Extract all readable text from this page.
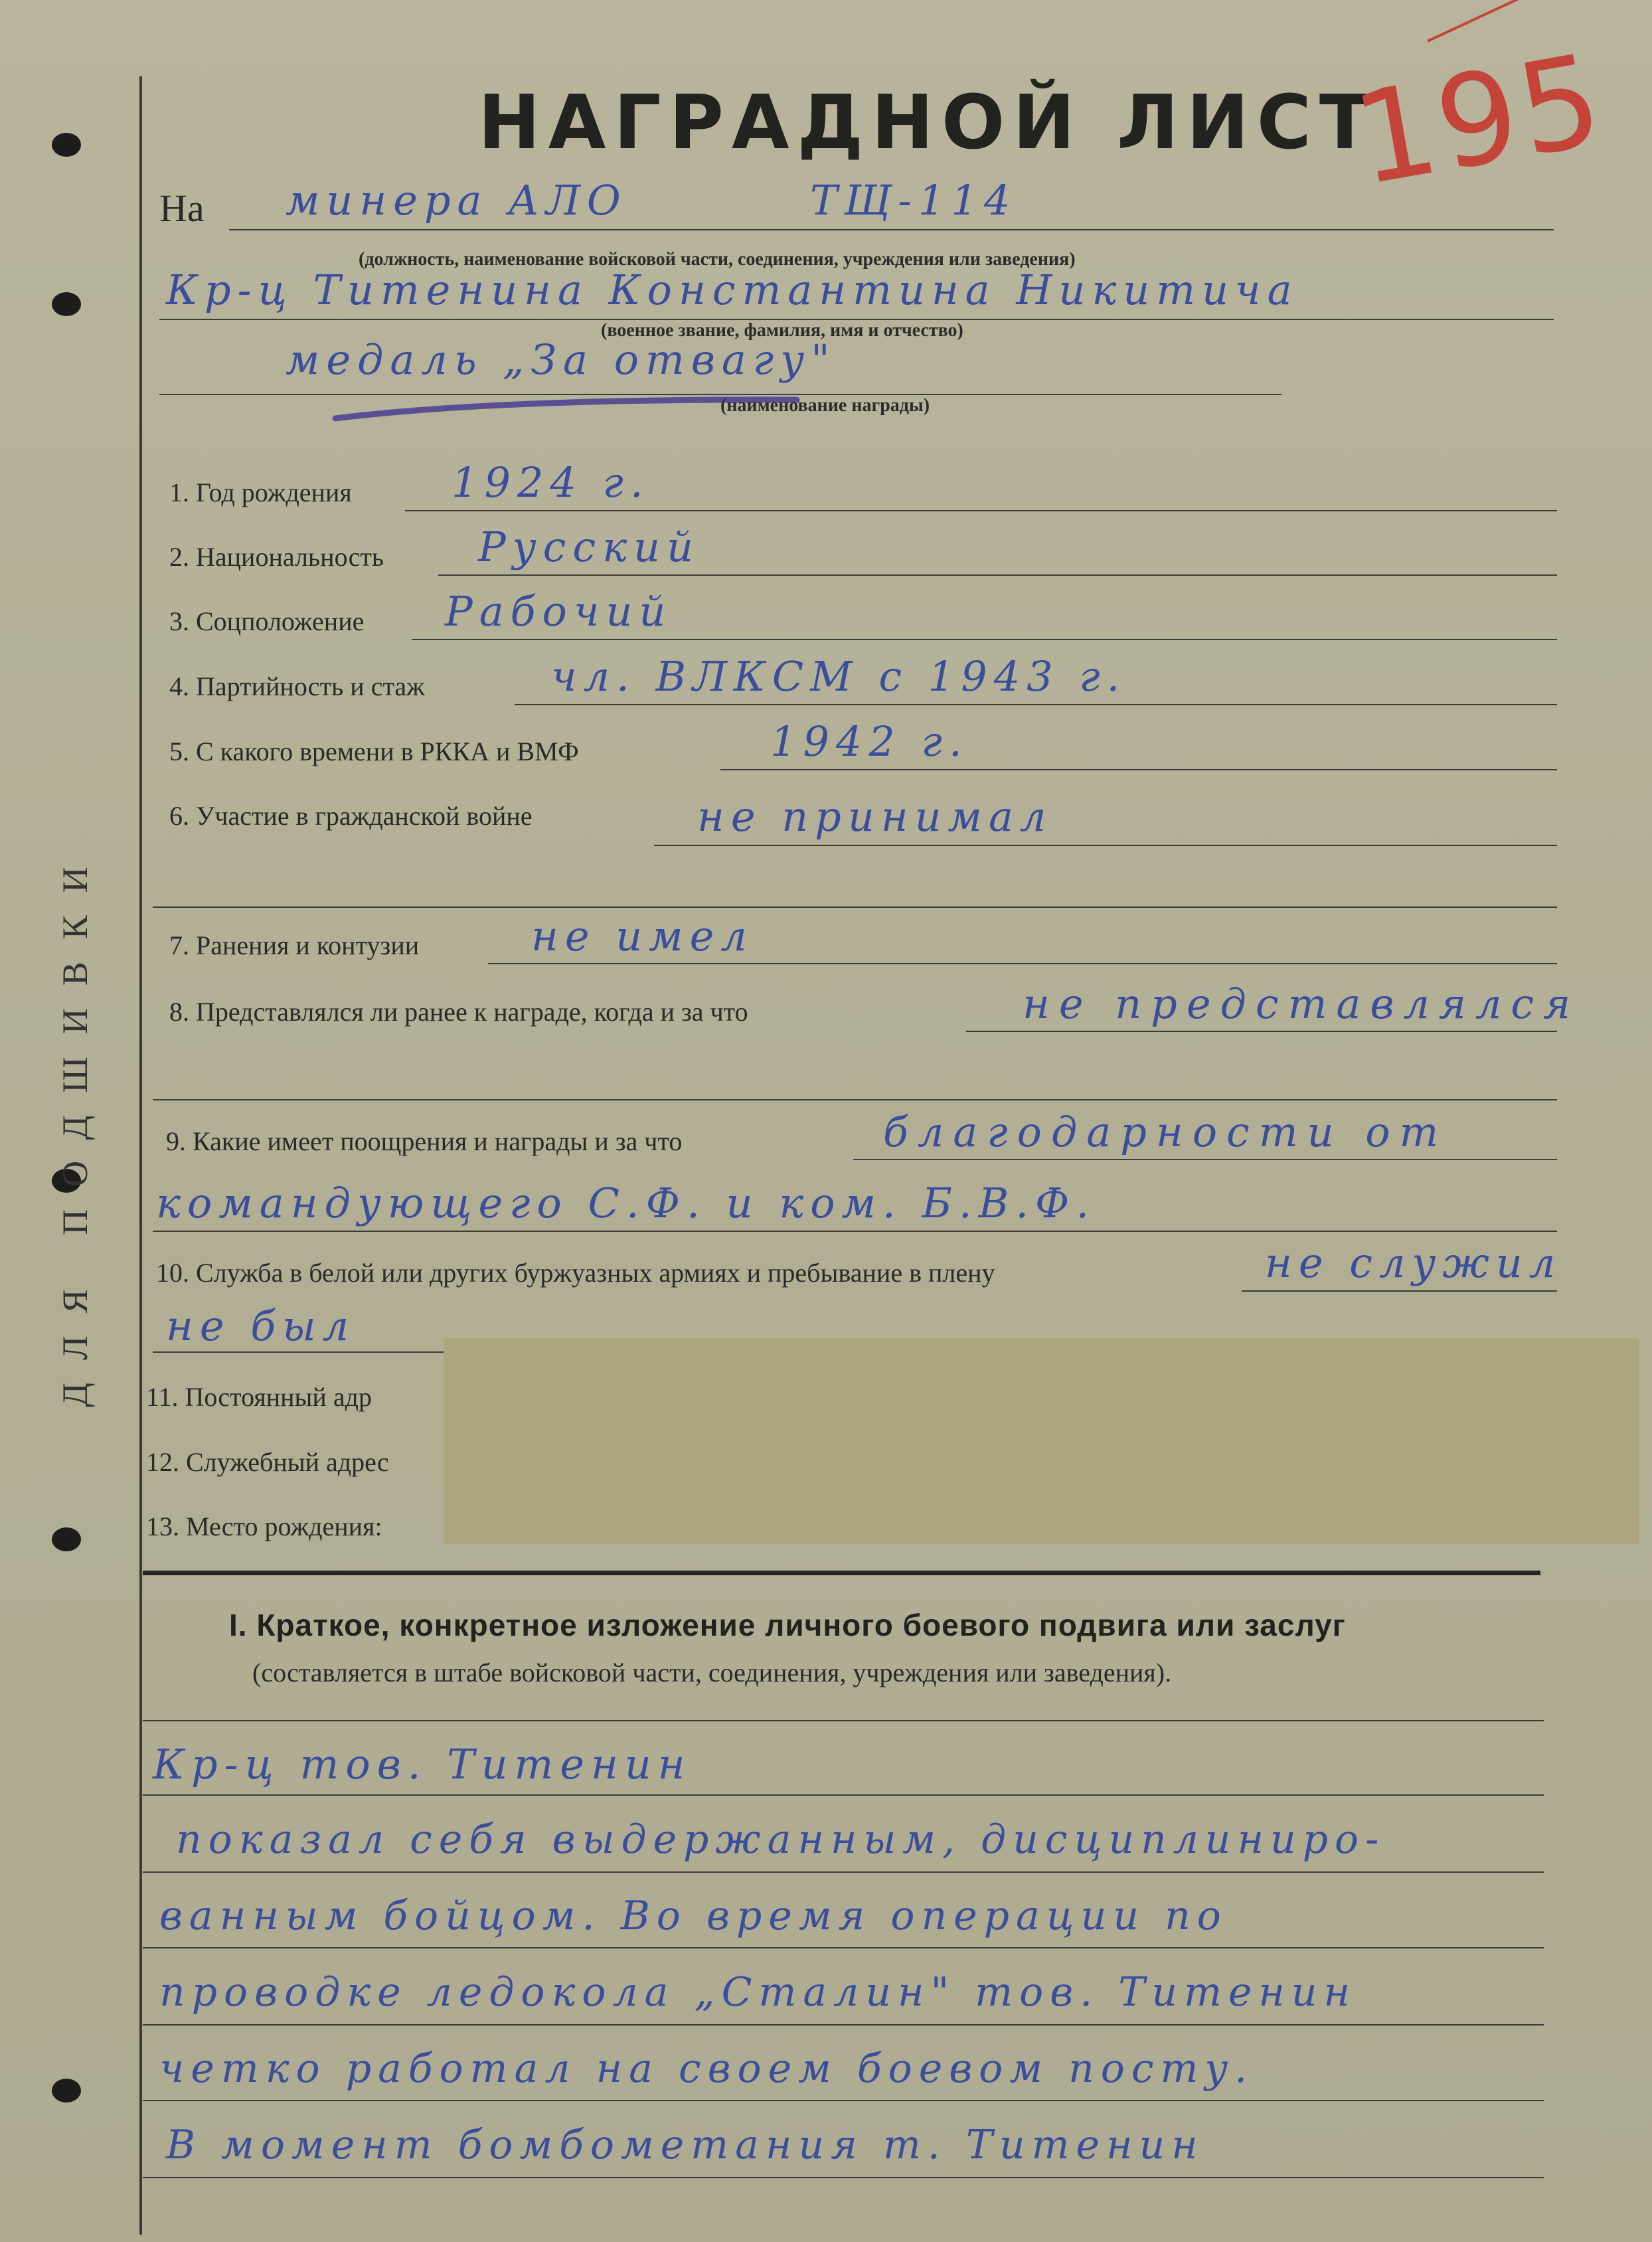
ДЛЯ ПОДШИВКИ
НАГРАДНОЙ ЛИСТ
195
На минера АЛО	ТЩ-114
(должность, наименование войсковой части, соединения, учреждения или заведения)
Кр-ц Титенина Константина Никитича
(военное звание, фамилия, имя и отчество)
медаль „За отвагу"
(наименование награды)
1. Год рождения 1924 г.
2. Национальность Русский
3. Соцположение Рабочий
4. Партийность и стаж	чл. ВЛКСМ с 1943 г.
5. С какого времени в РККА и ВМФ	1942 г.
6. Участие в гражданской войне	не принимал
7. Ранения и контузии	не имел
8. Представлялся ли ранее к награде, когда и за что	не представлялся
9. Какие имеет поощрения и награды и за что	благодарности от
командующего С.Ф. и ком. Б.В.Ф.
10. Служба в белой или других буржуазных армиях и пребывание в плену	не служил
не был
11. Постоянный адр
12. Служебный адрес
13. Место рождения:
I. Краткое, конкретное изложение личного боевого подвига или заслуг
(составляется в штабе войсковой части, соединения, учреждения или заведения).
Кр-ц тов. Титенин
показал себя выдержанным, дисциплиниро-
ванным бойцом. Во время операции по
проводке ледокола „Сталин" тов. Титенин
четко работал на своем боевом посту.
В момент бомбометания т. Титенин
